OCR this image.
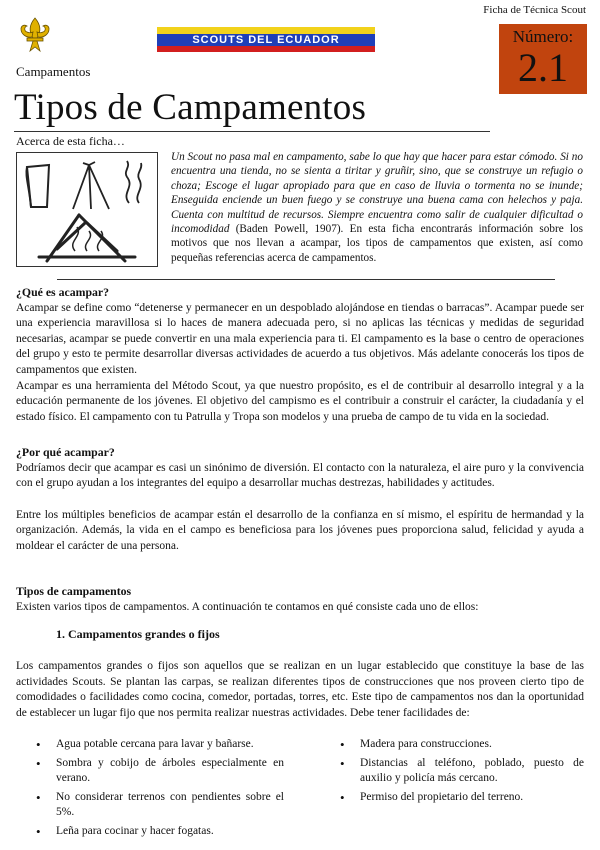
SCOUTS DEL ECUADOR
Ficha de Técnica Scout
Número:
2.1
Campamentos
Tipos de Campamentos
Acerca de esta ficha…
Un Scout no pasa mal en campamento, sabe lo que hay que hacer para estar cómodo. Si no encuentra una tienda, no se sienta a tiritar y gruñir, sino, que se construye un refugio o choza; Escoge el lugar apropiado para que en caso de lluvia o tormenta no se inunde; Enseguida enciende un buen fuego y se construye una buena cama con helechos y paja. Cuenta con multitud de recursos. Siempre encuentra como salir de cualquier dificultad o incomodidad (Baden Powell, 1907). En esta ficha encontrarás información sobre los motivos que nos llevan a acampar, los tipos de campamentos que existen, así como pequeñas referencias acerca de campamentos.
¿Qué es acampar?

Acampar se define como “detenerse y permanecer en un despoblado alojándose en tiendas o barracas”. Acampar puede ser una experiencia maravillosa si lo haces de manera adecuada pero, si no aplicas las técnicas y medidas de seguridad necesarias, acampar se puede convertir en una mala experiencia para ti. El campamento es la base o centro de operaciones del grupo y esto te permite desarrollar diversas actividades de acuerdo a tus objetivos. Más adelante conocerás los tipos de campamentos que existen.

Acampar es una herramienta del Método Scout, ya que nuestro propósito, es el de contribuir al desarrollo integral y a la educación permanente de los jóvenes. El objetivo del campismo es el contribuir a construir el carácter, la ciudadanía y el estado físico. El campamento con tu Patrulla y Tropa son modelos y una prueba de campo de tu vida en la sociedad.

¿Por qué acampar?

Podríamos decir que acampar es casi un sinónimo de diversión. El contacto con la naturaleza, el aire puro y la convivencia con el grupo ayudan a los integrantes del equipo a desarrollar muchas destrezas, habilidades y actitudes.

Entre los múltiples beneficios de acampar están el desarrollo de la confianza en sí mismo, el espíritu de hermandad y la organización. Además, la vida en el campo es beneficiosa para los jóvenes pues proporciona salud, felicidad y ayuda a moldear el carácter de una persona.

Tipos de campamentos

Existen varios tipos de campamentos. A continuación te contamos en qué consiste cada uno de ellos:

1. Campamentos grandes o fijos

Los campamentos grandes o fijos son aquellos que se realizan en un lugar establecido que constituye la base de las actividades Scouts. Se plantan las carpas, se realizan diferentes tipos de construcciones que nos proveen cierto tipo de comodidades o facilidades como cocina, comedor, portadas, torres, etc. Este tipo de campamentos nos dan la oportunidad de establecer un lugar fijo que nos permita realizar nuestras actividades. Debe tener facilidades de:

• Agua potable cercana para lavar y bañarse.
• Sombra y cobijo de árboles especialmente en verano.
• No considerar terrenos con pendientes sobre el 5%.
• Leña para cocinar y hacer fogatas.
• Madera para construcciones.
• Distancias al teléfono, poblado, puesto de auxilio y policía más cercano.
• Permiso del propietario del terreno.
